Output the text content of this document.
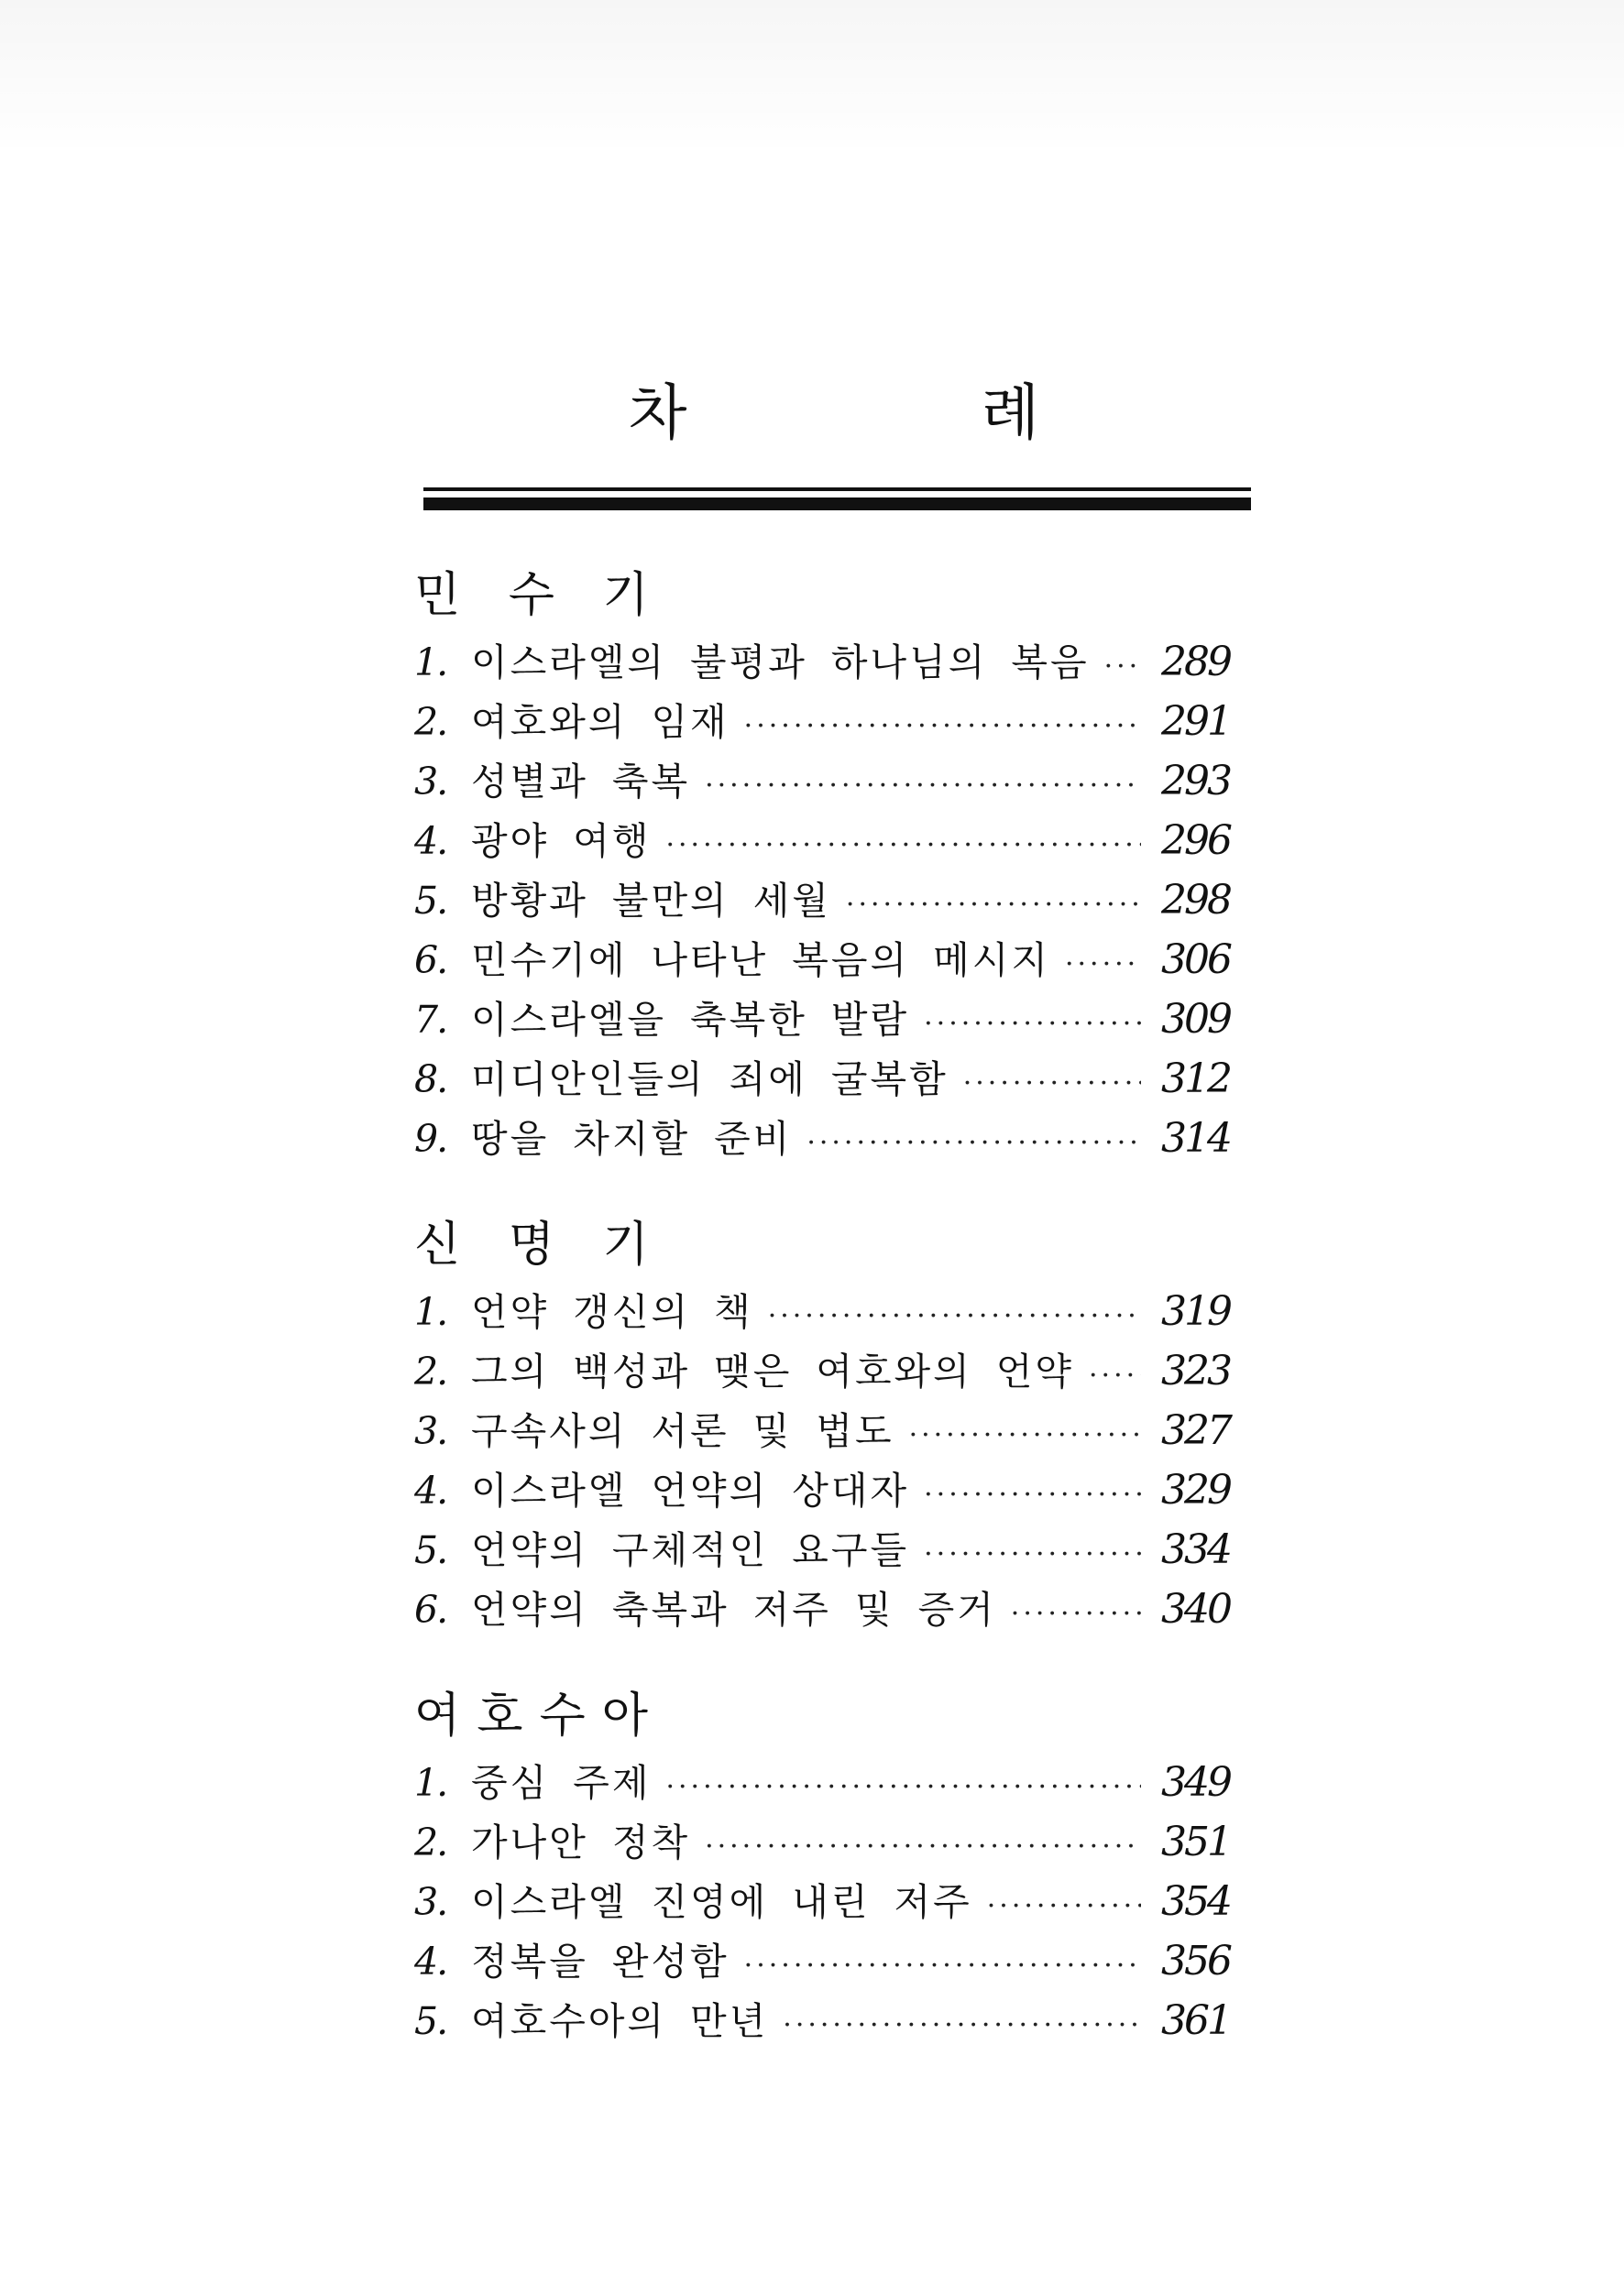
차 례
민 수 기
1. 이스라엘의 불평과 하나님의 복음 ····· 289
2. 여호와의 임재 ·····	291
3. 성별과 축복 ·····	293
4. 광야 여행 ·····	296
5. 방황과 불만의 세월 ·····	298
6. 민수기에 나타난 복음의 메시지 ·····	306
7. 이스라엘을 축복한 발람 ·····	309
8. 미디안인들의 죄에 굴복함 ·····	312
9. 땅을 차지할 준비 ·····	314
신 명 기
1. 언약 갱신의 책 ·····	319
2. 그의 백성과 맺은 여호와의 언약 ····· 323
3. 구속사의 서론 및 법도 ·····	327
4. 이스라엘 언약의 상대자 ·····	329
5. 언약의 구체적인 요구들 ·····	334
6. 언약의 축복과 저주 및 증거 ·····	340
여호수아
1. 중심 주제 ·····	349
2. 가나안 정착 ·····	351
3. 이스라엘 진영에 내린 저주 ·····	354
4. 정복을 완성함 ·····	356
5. 여호수아의 만년 ·····	361
